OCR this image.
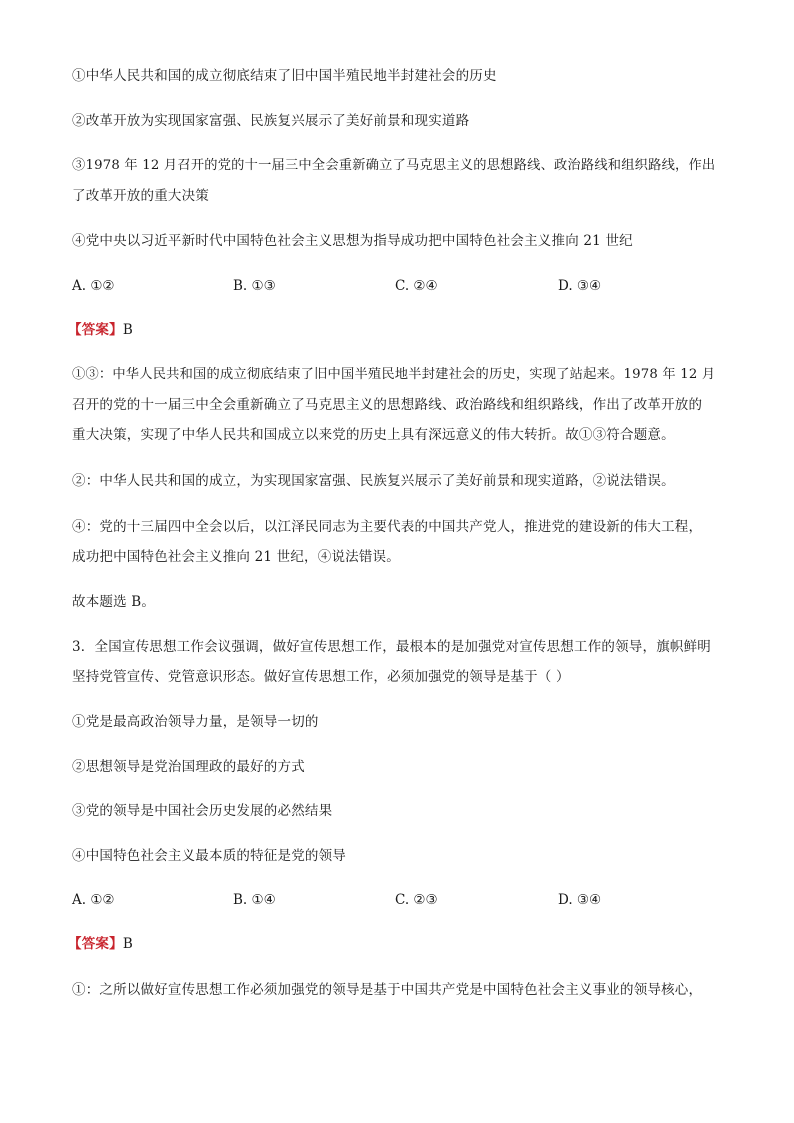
①中华人民共和国的成立彻底结束了旧中国半殖民地半封建社会的历史
②改革开放为实现国家富强、民族复兴展示了美好前景和现实道路
③1978 年 12 月召开的党的十一届三中全会重新确立了马克思主义的思想路线、政治路线和组织路线，作出
了改革开放的重大决策
④党中央以习近平新时代中国特色社会主义思想为指导成功把中国特色社会主义推向 21 世纪
A. ①②	B. ①③	C. ②④	D. ③④
【答案】B
①③：中华人民共和国的成立彻底结束了旧中国半殖民地半封建社会的历史，实现了站起来。1978 年 12 月
召开的党的十一届三中全会重新确立了马克思主义的思想路线、政治路线和组织路线，作出了改革开放的
重大决策，实现了中华人民共和国成立以来党的历史上具有深远意义的伟大转折。故①③符合题意。
②：中华人民共和国的成立，为实现国家富强、民族复兴展示了美好前景和现实道路，②说法错误。
④：党的十三届四中全会以后，以江泽民同志为主要代表的中国共产党人，推进党的建设新的伟大工程，
成功把中国特色社会主义推向 21 世纪，④说法错误。
故本题选 B。
3．全国宣传思想工作会议强调，做好宣传思想工作，最根本的是加强党对宣传思想工作的领导，旗帜鲜明
坚持党管宣传、党管意识形态。做好宣传思想工作，必须加强党的领导是基于（ ）
①党是最高政治领导力量，是领导一切的
②思想领导是党治国理政的最好的方式
③党的领导是中国社会历史发展的必然结果
④中国特色社会主义最本质的特征是党的领导
A. ①②	B. ①④	C. ②③	D. ③④
【答案】B
①：之所以做好宣传思想工作必须加强党的领导是基于中国共产党是中国特色社会主义事业的领导核心，
